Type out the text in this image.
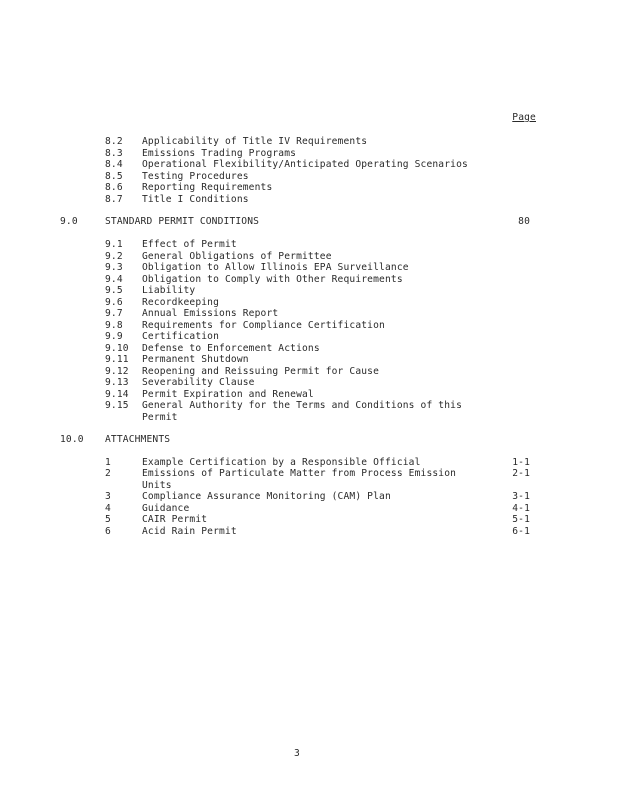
Page
8.2 Applicability of Title IV Requirements
8.3 Emissions Trading Programs
8.4 Operational Flexibility/Anticipated Operating Scenarios
8.5 Testing Procedures
8.6 Reporting Requirements
8.7 Title I Conditions
9.0	STANDARD PERMIT CONDITIONS	80
9.1 Effect of Permit
9.2 General Obligations of Permittee
9.3 Obligation to Allow Illinois EPA Surveillance
9.4 Obligation to Comply with Other Requirements
9.5 Liability
9.6 Recordkeeping
9.7 Annual Emissions Report
9.8 Requirements for Compliance Certification
9.9 Certification
9.10 Defense to Enforcement Actions
9.11 Permanent Shutdown
9.12 Reopening and Reissuing Permit for Cause
9.13 Severability Clause
9.14 Permit Expiration and Renewal
9.15 General Authority for the Terms and Conditions of this
Permit
10.0 ATTACHMENTS
1	Example Certification by a Responsible Official	1-1
2	Emissions of Particulate Matter from Process Emission	2-1
Units
3	Compliance Assurance Monitoring (CAM) Plan	3-1
4	Guidance	4-1
5	CAIR Permit	5-1
6	Acid Rain Permit	6-1
3
